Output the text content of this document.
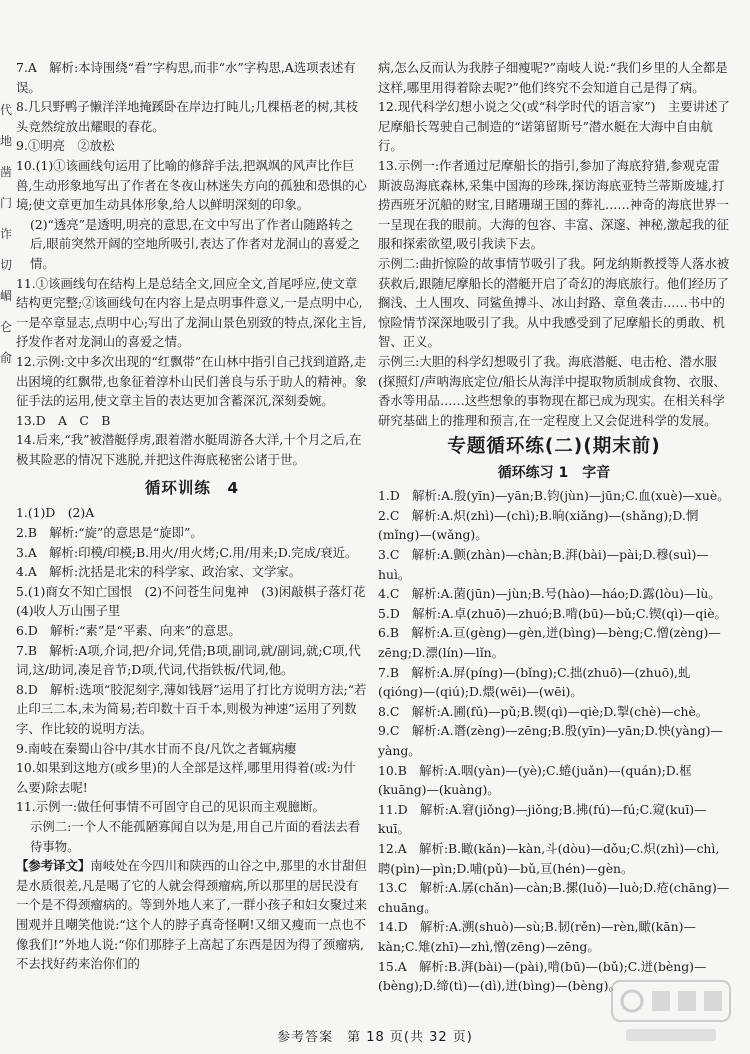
代
地
凿
门
诈
切
嵋
仑
俞

7.A　解析:本诗围绕“看”字构思,而非“水”字构思,A选项表述有误。

8.几只野鸭子懒洋洋地掩蹊卧在岸边打盹儿;几棵梧老的树,其枝头竞然绽放出耀眼的春花。

9.①明亮　②放松

10.(1)①该画线句运用了比喻的修辞手法,把飒飒的风声比作巨兽,生动形象地写出了作者在冬夜山林迷失方向的孤独和恐惧的心境;使文章更加生动具体形象,给人以鲜明深刻的印象。

(2)“透亮”是透明,明亮的意思,在文中写出了作者山随路转之后,眼前突然开阔的空地所吸引,表达了作者对龙洞山的喜爱之情。

11.①该画线句在结构上是总结全文,回应全文,首尾呼应,使文章结构更完整;②该画线句在内容上是点明事件意义,一是点明中心,一是卒章显志,点明中心;写出了龙洞山景色别致的特点,深化主旨,抒发作者对龙洞山的喜爱之情。

12.示例:文中多次出现的“红飘带”在山林中指引自己找到道路,走出困境的红飘带,也象征着淳朴山民们善良与乐于助人的精神。象征手法的运用,使文章主旨的表达更加含蓄深沉,深刻委婉。

13.D　A　C　B

14.后来,“我”被潜艇俘虏,跟着潜水艇周游各大洋,十个月之后,在极其险恶的情况下逃脱,并把这件海底秘密公诸于世。

循环训练　4

1.(1)D　(2)A

2.B　解析:“旋”的意思是“旋即”。

3.A　解析:印模/印模;B.用火/用火烤;C.用/用来;D.完成/衰近。

4.A　解析:沈括是北宋的科学家、政治家、文学家。

5.(1)商女不知亡国恨　(2)不问苍生问鬼神　(3)闲敲棋子落灯花　(4)收人万山围子里

6.D　解析:“素”是“平素、向来”的意思。

7.B　解析:A项,介词,把/介词,凭借;B项,副词,就/副词,就;C项,代词,这/助词,凑足音节;D项,代词,代指铁板/代词,他。

8.D　解析:选项“胶泥刻字,薄如钱唇”运用了打比方说明方法;“若止印三二本,未为简易;若印数十百千本,则极为神速”运用了列数字、作比较的说明方法。

9.南岐在秦蜀山谷中/其水甘而不良/凡饮之者辄病瘿

10.如果到这地方(或乡里)的人全部是这样,哪里用得着(或:为什么要)除去呢!

11.示例一:做任何事情不可固守自己的见识而主观臆断。

示例二:一个人不能孤陋寡闻自以为是,用自己片面的看法去看待事物。

【参考译文】南岐处在今四川和陕西的山谷之中,那里的水甘甜但是水质很差,凡是喝了它的人就会得颈瘤病,所以那里的居民没有一个是不得颈瘤病的。等到外地人来了,一群小孩子和妇女聚过来围观并且嘲笑他说:“这个人的脖子真奇怪啊!又细又瘦而一点也不像我们!”外地人说:“你们那脖子上高起了东西是因为得了颈瘤病,不去找好药来治你们的

病,怎么反而认为我脖子细瘦呢?”南岐人说:“我们乡里的人全都是这样,哪里用得着除去呢?”他们终究不会知道自己是得了病。

12.现代科学幻想小说之父(或“科学时代的语言家”)　主要讲述了尼摩船长驾驶自己制造的“诺第留斯号”潜水艇在大海中自由航行。

13.示例一:作者通过尼摩船长的指引,参加了海底狩猎,参观克雷斯波岛海底森林,采集中国海的珍珠,探访海底亚特兰蒂斯废墟,打捞西班牙沉船的财宝,目睹珊瑚王国的葬礼……神奇的海底世界一一呈现在我的眼前。大海的包容、丰富、深邃、神秘,激起我的征服和探索欲望,吸引我读下去。

示例二:曲折惊险的故事情节吸引了我。阿龙纳斯教授等人落水被获救后,跟随尼摩船长的潜艇开启了奇幻的海底旅行。他们经历了搁浅、土人围攻、同鲨鱼搏斗、冰山封路、章鱼袭击……书中的惊险情节深深地吸引了我。从中我感受到了尼摩船长的勇敢、机智、正义。

示例三:大胆的科学幻想吸引了我。海底潜艇、电击枪、潜水服(探照灯/声呐海底定位/船长从海洋中提取物质制成食物、衣服、香水等用品……这些想象的事物现在都已成为现实。在相关科学研究基础上的推理和预言,在一定程度上又会促进科学的发展。

专题循环练(二)(期末前)
循环练习 1　字音

1.D　解析:A.殷(yīn)—yān;B.钧(jùn)—jūn;C.血(xuè)—xuè。

2.C　解析:A.炽(zhì)—(chì);B.晌(xiǎng)—(shǎng);D.惘(mǐng)—(wǎng)。

3.C　解析:A.颤(zhàn)—chàn;B.湃(bài)—pài;D.穆(suì)—huì。

4.C　解析:A.菌(jūn)—jùn;B.号(hào)—háo;D.露(lòu)—lù。

5.D　解析:A.卓(zhuō)—zhuó;B.啃(bū)—bǔ;C.锲(qì)—qiè。

6.B　解析:A.亘(gèng)—gèn,迸(bìng)—bèng;C.憎(zèng)—zēng;D.漂(lín)—lǐn。

7.B　解析:A.屏(píng)—(bǐng);C.拙(zhuō)—(zhuō),虬(qióng)—(qiú);D.煨(wēi)—(wēi)。

8.C　解析:A.圃(fǔ)—pǔ;B.锲(qì)—qiè;D.掣(chè)—chè。

9.C　解析:A.谮(zèng)—zēng;B.殷(yīn)—yān;D.怏(yàng)—yàng。

10.B　解析:A.咽(yàn)—(yè);C.蜷(juǎn)—(quán);D.框(kuāng)—(kuàng)。

11.D　解析:A.窘(jiǒng)—jiǒng;B.拂(fú)—fú;C.窥(kuī)—kuī。

12.A　解析:B.瞰(kǎn)—kàn,斗(dòu)—dǒu;C.炽(zhì)—chì,聘(pìn)—pìn;D.哺(pǔ)—bǔ,亘(hén)—gèn。

13.C　解析:A.孱(chǎn)—càn;B.摞(luǒ)—luò;D.疮(chāng)—chuāng。

14.D　解析:A.溯(shuò)—sù;B.韧(rěn)—rèn,瞰(kān)—kàn;C.雉(zhī)—zhì,憎(zēng)—zēng。

15.A　解析:B.湃(bài)—(pài),啃(bū)—(bǔ);C.迸(bèng)—(bèng);D.缔(tì)—(dì),迸(bìng)—(bèng)。

参考答案　第 18 页(共 32 页)
